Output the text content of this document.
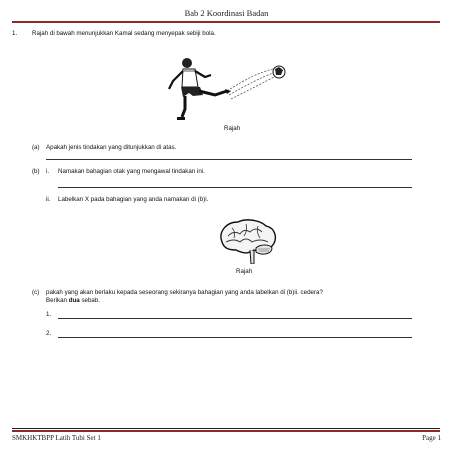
Bab 2 Koordinasi Badan
1. Rajah di bawah menunjukkan Kamal sedang menyepak sebiji bola.
Rajah
(a) Apakah jenis tindakan yang ditunjukkan di atas.
(b) i. Namakan bahagian otak yang mengawal tindakan ini.
ii. Labelkan X pada bahagian yang anda namakan di (b)i.
Rajah
(c) pakah yang akan berlaku kepada seseorang sekiranya bahagian yang anda labelkan di (b)ii. cedera?
Berikan dua sebab.
1.
2.
SMKHKTBPP Latih Tubi Set 1	Page 1
